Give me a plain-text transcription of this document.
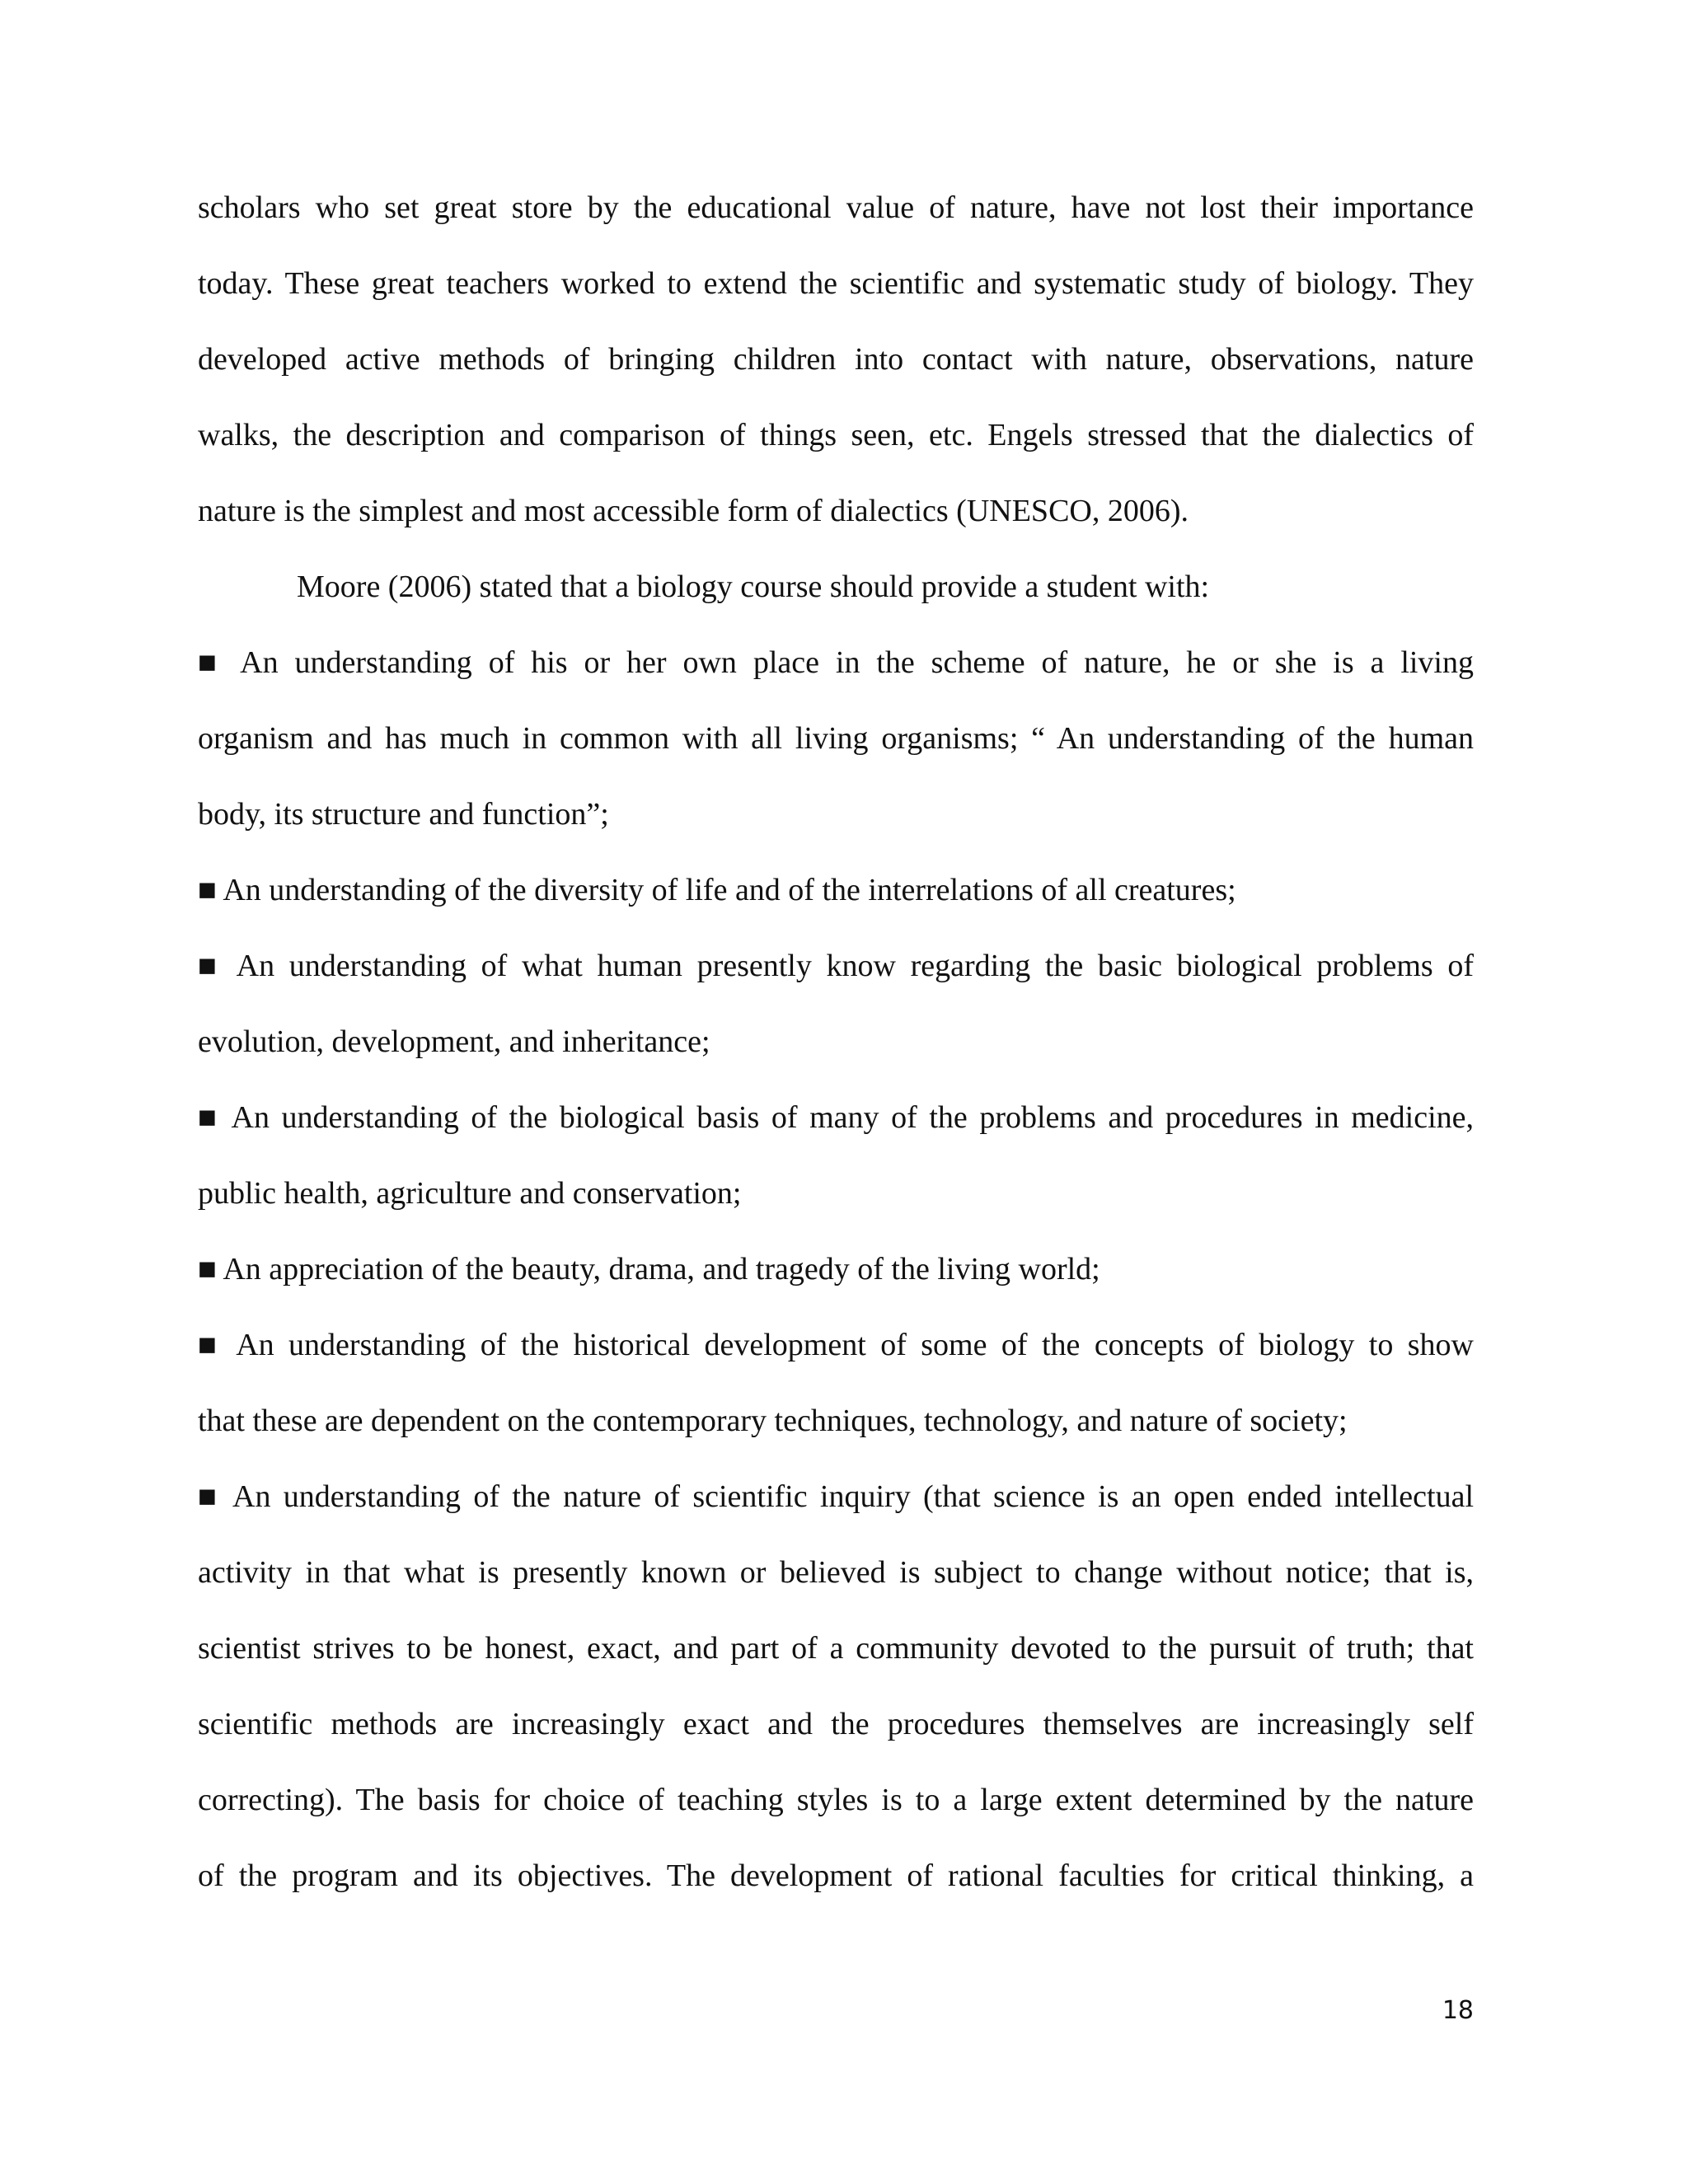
scholars who set great store by the educational value of nature, have not lost their importance
today. These great teachers worked to extend the scientific and systematic study of biology. They
developed active methods of bringing children into contact with nature, observations, nature
walks, the description and comparison of things seen, etc. Engels stressed that the dialectics of
nature is the simplest and most accessible form of dialectics (UNESCO, 2006).
Moore (2006) stated that a biology course should provide a student with:
■ An understanding of his or her own place in the scheme of nature, he or she is a living
organism and has much in common with all living organisms; “ An understanding of the human
body, its structure and function”;
■ An understanding of the diversity of life and of the interrelations of all creatures;
■ An understanding of what human presently know regarding the basic biological problems of
evolution, development, and inheritance;
■ An understanding of the biological basis of many of the problems and procedures in medicine,
public health, agriculture and conservation;
■ An appreciation of the beauty, drama, and tragedy of the living world;
■ An understanding of the historical development of some of the concepts of biology to show
that these are dependent on the contemporary techniques, technology, and nature of society;
■ An understanding of the nature of scientific inquiry (that science is an open ended intellectual
activity in that what is presently known or believed is subject to change without notice; that is,
scientist strives to be honest, exact, and part of a community devoted to the pursuit of truth; that
scientific methods are increasingly exact and the procedures themselves are increasingly self
correcting). The basis for choice of teaching styles is to a large extent determined by the nature
of the program and its objectives. The development of rational faculties for critical thinking, a
18
